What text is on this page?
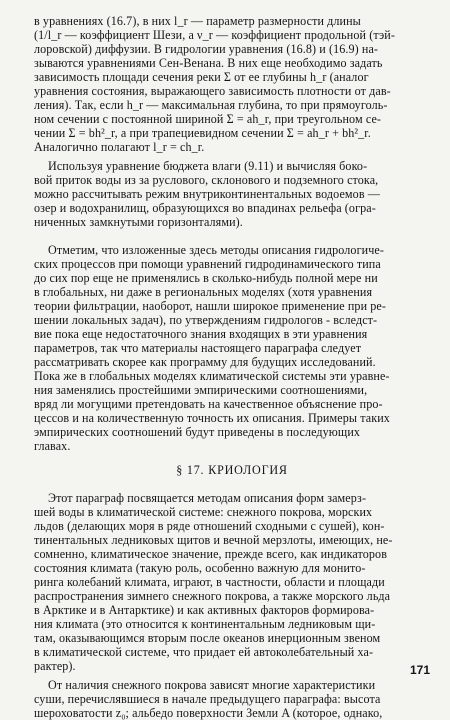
в уравнениях (16.7), в них l_r — параметр размерности длины
(1/l_r — коэффициент Шези, а ν_r — коэффициент продольной (тэй-
лоровской) диффузии. В гидрологии уравнения (16.8) и (16.9) на-
зываются уравнениями Сен-Венана. В них еще необходимо задать
зависимость площади сечения реки Σ от ее глубины h_r (аналог
уравнения состояния, выражающего зависимость плотности от дав-
ления). Так, если h_r — максимальная глубина, то при прямоуголь-
ном сечении с постоянной шириной Σ = ah_r, при треугольном се-
чении Σ = bh²_r, а при трапециевидном сечении Σ = ah_r + bh²_r.
Аналогично полагают l_r = ch_r.
Используя уравнение бюджета влаги (9.11) и вычисляя боко-
вой приток воды из за руслового, склонового и подземного стока,
можно рассчитывать режим внутриконтинентальных водоемов —
озер и водохранилищ, образующихся во впадинах рельефа (огра-
ниченных замкнутыми горизонталями).
Отметим, что изложенные здесь методы описания гидрологиче-
ских процессов при помощи уравнений гидродинамического типа
до сих пор еще не применялись в сколько-нибудь полной мере ни
в глобальных, ни даже в региональных моделях (хотя уравнения
теории фильтрации, наоборот, нашли широкое применение при ре-
шении локальных задач), по утверждениям гидрологов - вследст-
вие пока еще недостаточного знания входящих в эти уравнения
параметров, так что материалы настоящего параграфа следует
рассматривать скорее как программу для будущих исследований.
Пока же в глобальных моделях климатической системы эти уравне-
ния заменялись простейшими эмпирическими соотношениями,
вряд ли могущими претендовать на качественное объяснение про-
цессов и на количественную точность их описания. Примеры таких
эмпирических соотношений будут приведены в последующих
главах.
§ 17. КРИОЛОГИЯ
Этот параграф посвящается методам описания форм замерз-
шей воды в климатической системе: снежного покрова, морских
льдов (делающих моря в ряде отношений сходными с сушей), кон-
тинентальных ледниковых щитов и вечной мерзлоты, имеющих, не-
сомненно, климатическое значение, прежде всего, как индикаторов
состояния климата (такую роль, особенно важную для монито-
ринга колебаний климата, играют, в частности, области и площади
распространения зимнего снежного покрова, а также морского льда
в Арктике и в Антарктике) и как активных факторов формирова-
ния климата (это относится к континентальным ледниковым щи-
там, оказывающимся вторым после океанов инерционным звеном
в климатической системе, что придает ей автоколебательный ха-
рактер).
От наличия снежного покрова зависят многие характеристики
суши, перечислявшиеся в начале предыдущего параграфа: высота
шероховатости z₀; альбедо поверхности Земли A (которое, однако,
171
